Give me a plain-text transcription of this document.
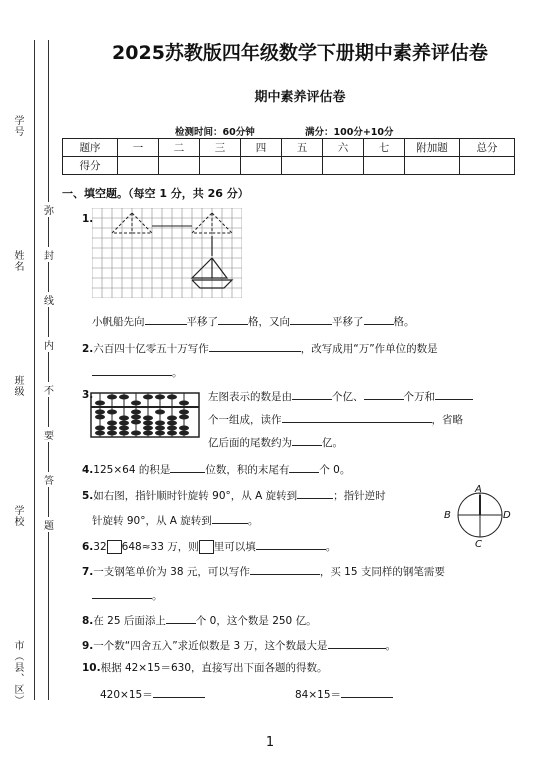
学号
姓名
班级
学校
市（县、区）
弥
封
线
内
不
要
答
题
2025苏教版四年级数学下册期中素养评估卷
期中素养评估卷
检测时间：60分钟	满分：100分+10分
题序	一	二	三	四	五	六	七	附加题	总分
得分									
一、填空题。（每空 1 分，共 26 分）
1.
小帆船先向	平移了	格，又向	平移了	格。
2.六百四十亿零五十万写作	，改写成用“万”作单位的数是
。
3.	左图表示的数是由	个亿、	个万和
个一组成，读作	，省略
亿后面的尾数约为	亿。
4.125×64 的积是	位数，积的末尾有	个 0。
5.如右图，指针顺时针旋转 90°，从 A 旋转到	；指针逆时
针旋转 90°，从 A 旋转到	。
A
B	D
C
6.32 648≈33 万，则 里可以填	。
7.一支钢笔单价为 38 元，可以写作	，买 15 支同样的钢笔需要
。
8.在 25 后面添上	个 0，这个数是 250 亿。
9.一个数“四舍五入”求近似数是 3 万，这个数最大是	。
10.根据 42×15＝630，直接写出下面各题的得数。
420×15＝	84×15＝
1
